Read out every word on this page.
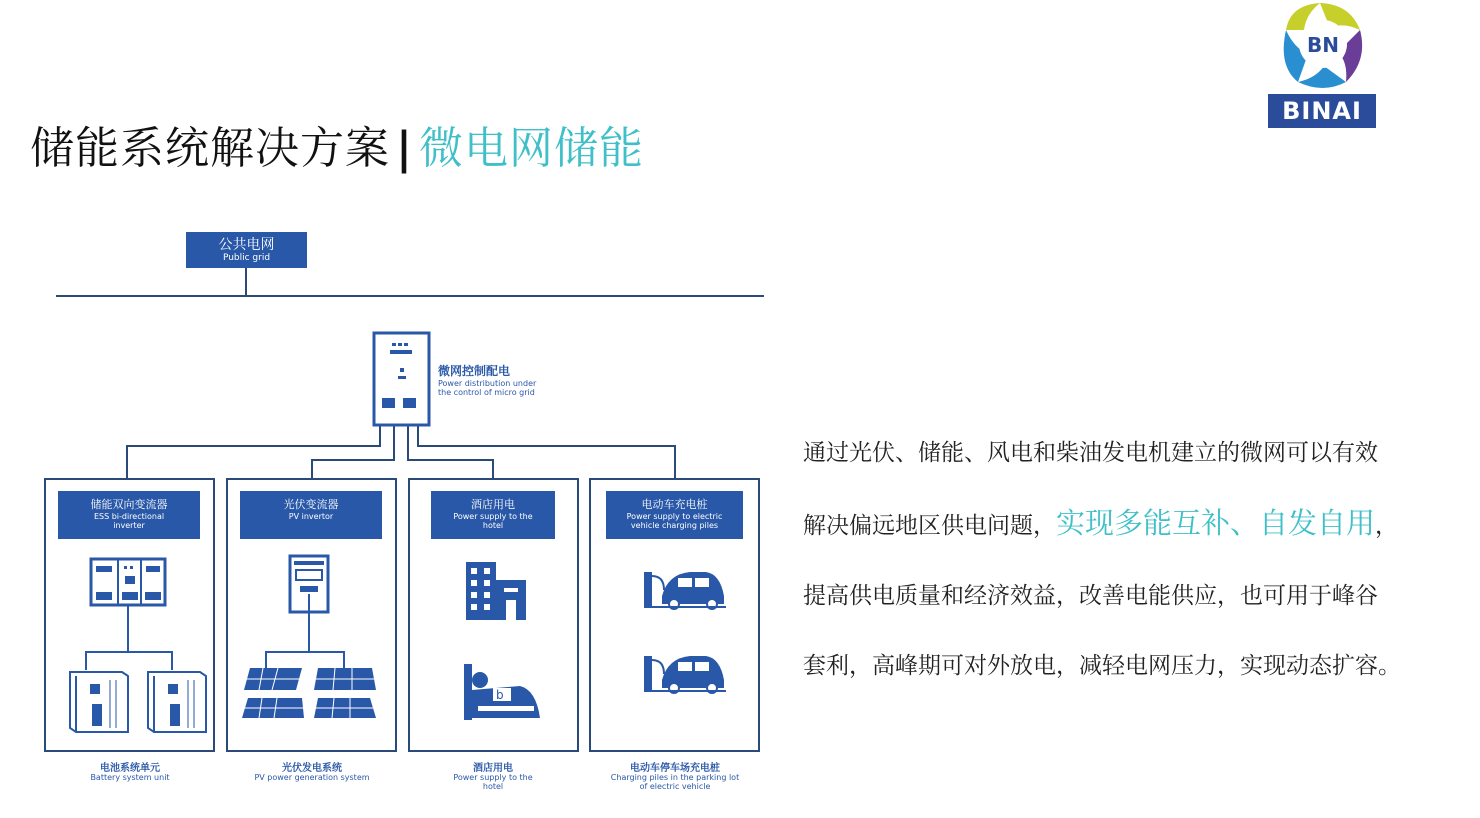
储能系统解决方案 | 微电网储能
BN
BINAI
b
公共电网
Public grid
微网控制配电
Power distribution under
the control of micro grid
储能双向变流器
ESS bi-directional
inverter
光伏变流器
PV invertor
酒店用电
Power supply to the
hotel
电动车充电桩
Power supply to electric
vehicle charging piles
电池系统单元
Battery system unit
光伏发电系统
PV power generation system
酒店用电
Power supply to the
hotel
电动车停车场充电桩
Charging piles in the parking lot
of electric vehicle
通过光伏、储能、风电和柴油发电机建立的微网可以有效
解决偏远地区供电问题，实现多能互补、自发自用，
提高供电质量和经济效益，改善电能供应，也可用于峰谷
套利，高峰期可对外放电，减轻电网压力，实现动态扩容。
